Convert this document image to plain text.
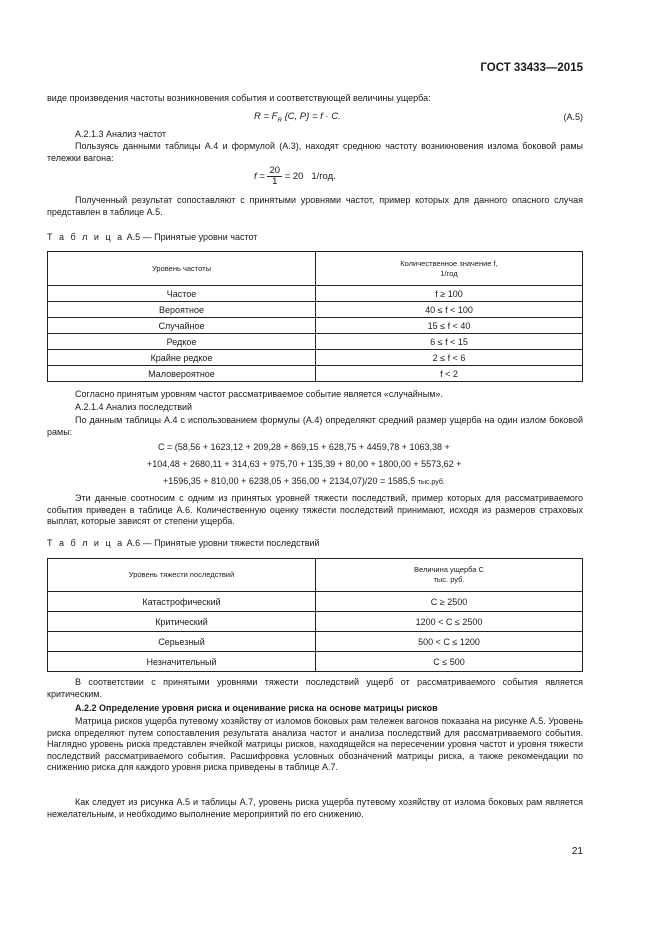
ГОСТ 33433—2015

виде произведения частоты возникновения события и соответствующей величины ущерба:

$R = F_R$ {C, P} = f · C.	(А.5)

А.2.1.3 Анализ частот

Пользуясь данными таблицы А.4 и формулой (А.3), находят среднюю частоту возникновения излома боковой рамы тележки вагона:

$f = \frac{20}{1} = 20$ 1/год.

Полученный результат сопоставляют с принятыми уровнями частот, пример которых для данного опасного случая представлен в таблице А.5.

Т а б л и ц а А.5 — Принятые уровни частот
Уровень частоты	Количественное значение f,
1/год
Частое	f ≥ 100
Вероятное	40 ≤ f < 100
Случайное	15 ≤ f < 40
Редкое	6 ≤ f < 15
Крайне редкое	2 ≤ f < 6
Маловероятное	f < 2

Согласно принятым уровням частот рассматриваемое событие является «случайным».

А.2.1.4 Анализ последствий

По данным таблицы А.4 с использованием формулы (А.4) определяют средний размер ущерба на один излом боковой рамы:

C = (58,56 + 1623,12 + 209,28 + 869,15 + 628,75 + 4459,78 + 1063,38 +
+104,48 + 2680,11 + 314,63 + 975,70 + 135,39 + 80,00 + 1800,00 + 5573,62 +
+1596,35 + 810,00 + 6238,05 + 356,00 + 2134,07)/20 = 1585,5 тыс.руб.

Эти данные соотносим с одним из принятых уровней тяжести последствий, пример которых для рассматриваемого события приведен в таблице А.6. Количественную оценку тяжести последствий принимают, исходя из размеров страховых выплат, которые зависят от степени ущерба.

Т а б л и ц а А.6 — Принятые уровни тяжести последствий
Уровень тяжести последствий	Величина ущерба C
тыс. руб.
Катастрофический	C ≥ 2500
Критический	1200 < C ≤ 2500
Серьезный	500 < C ≤ 1200
Незначительный	C ≤ 500

В соответствии с принятыми уровнями тяжести последствий ущерб от рассматриваемого события является критическим.

А.2.2 Определение уровня риска и оценивание риска на основе матрицы рисков

Матрица рисков ущерба путевому хозяйству от изломов боковых рам тележек вагонов показана на рисунке А.5. Уровень риска определяют путем сопоставления результата анализа частот и анализа последствий для рассматриваемого события. Наглядно уровень риска представлен ячейкой матрицы рисков, находящейся на пересечении уровня частот и уровня тяжести последствий рассматриваемого события. Расшифровка условных обозначений матрицы риска, а также рекомендации по снижению риска для каждого уровня риска приведены в таблице А.7.

Как следует из рисунка А.5 и таблицы А.7, уровень риска ущерба путевому хозяйству от излома боковых рам является нежелательным, и необходимо выполнение мероприятий по его снижению.

21
